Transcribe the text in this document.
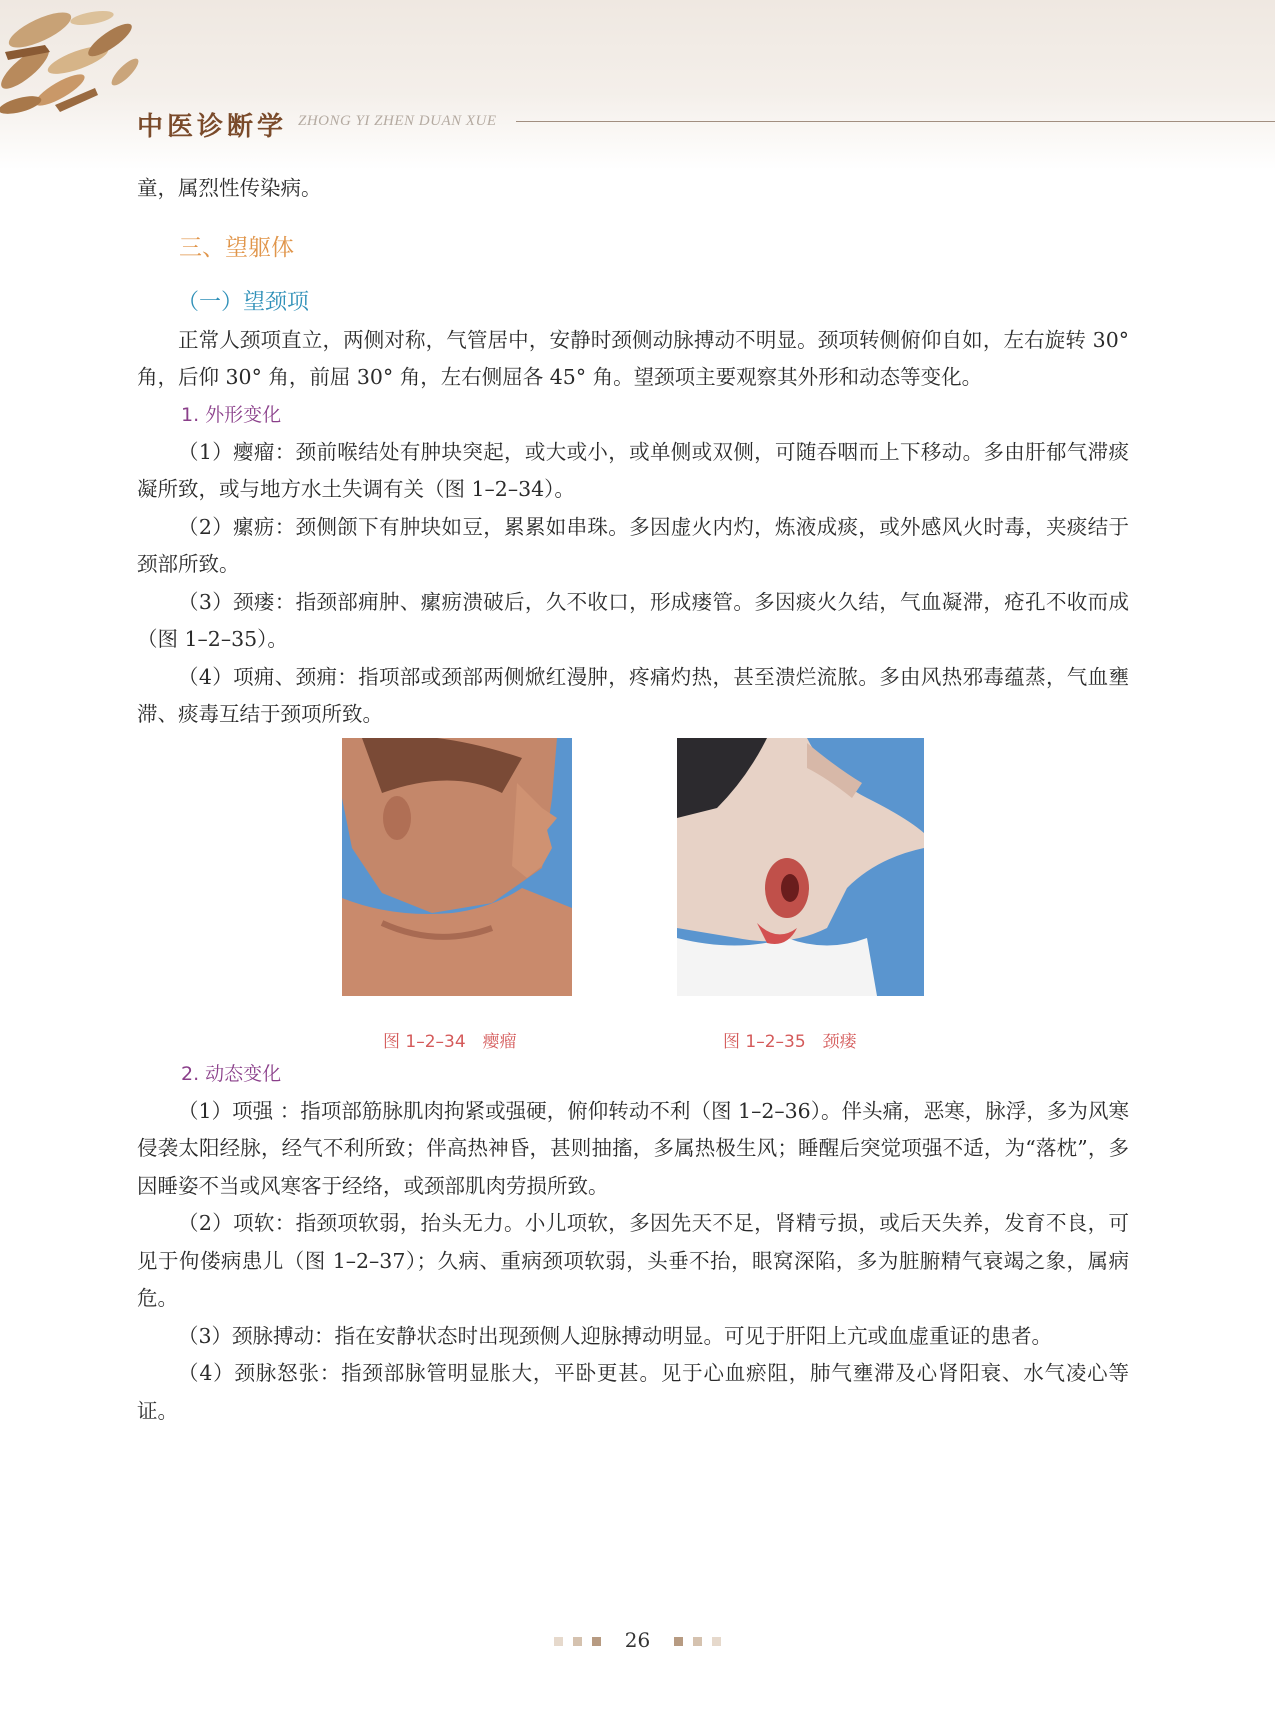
中医诊断学 ZHONG YI ZHEN DUAN XUE

童，属烈性传染病。

三、望躯体
（一）望颈项

正常人颈项直立，两侧对称，气管居中，安静时颈侧动脉搏动不明显。颈项转侧俯仰自如，左右旋转 30° 角，后仰 30° 角，前屈 30° 角，左右侧屈各 45° 角。望颈项主要观察其外形和动态等变化。

1. 外形变化

（1）瘿瘤：颈前喉结处有肿块突起，或大或小，或单侧或双侧，可随吞咽而上下移动。多由肝郁气滞痰凝所致，或与地方水土失调有关（图 1–2–34）。

（2）瘰疬：颈侧颌下有肿块如豆，累累如串珠。多因虚火内灼，炼液成痰，或外感风火时毒，夹痰结于颈部所致。

（3）颈瘘：指颈部痈肿、瘰疬溃破后，久不收口，形成瘘管。多因痰火久结，气血凝滞，疮孔不收而成（图 1–2–35）。

（4）项痈、颈痈：指项部或颈部两侧焮红漫肿，疼痛灼热，甚至溃烂流脓。多由风热邪毒蕴蒸，气血壅滞、痰毒互结于颈项所致。

图 1–2–34　瘿瘤	图 1–2–35　颈瘘
2. 动态变化

（1）项强 ：指项部筋脉肌肉拘紧或强硬，俯仰转动不利（图 1–2–36）。伴头痛，恶寒，脉浮，多为风寒侵袭太阳经脉，经气不利所致；伴高热神昏，甚则抽搐，多属热极生风；睡醒后突觉项强不适，为“落枕”，多因睡姿不当或风寒客于经络，或颈部肌肉劳损所致。

（2）项软：指颈项软弱，抬头无力。小儿项软，多因先天不足，肾精亏损，或后天失养，发育不良，可见于佝偻病患儿（图 1–2–37）；久病、重病颈项软弱，头垂不抬，眼窝深陷，多为脏腑精气衰竭之象，属病危。

（3）颈脉搏动：指在安静状态时出现颈侧人迎脉搏动明显。可见于肝阳上亢或血虚重证的患者。

（4）颈脉怒张：指颈部脉管明显胀大，平卧更甚。见于心血瘀阻，肺气壅滞及心肾阳衰、水气凌心等证。

26
